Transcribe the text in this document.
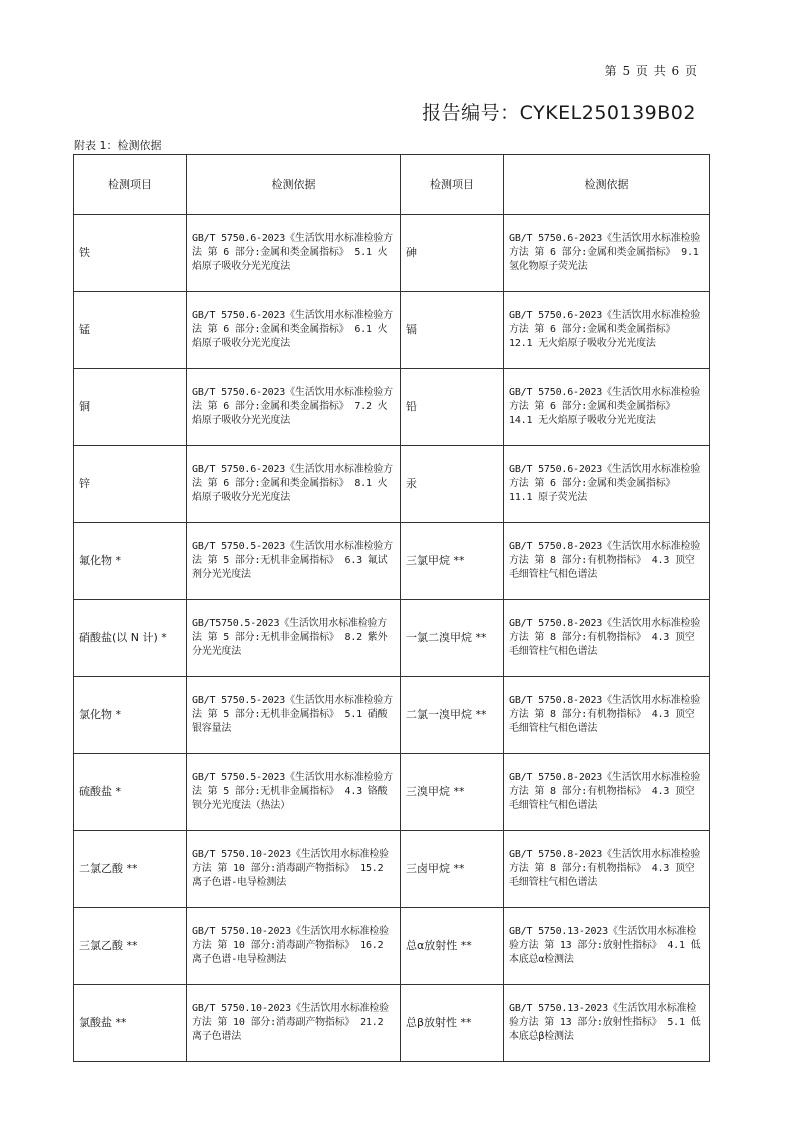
第 5 页 共 6 页
报告编号：CYKEL250139B02
附表 1：检测依据
检测项目	检测依据	检测项目	检测依据
铁	GB/T 5750.6-2023《生活饮用水标准检验方法 第 6 部分:金属和类金属指标》 5.1 火焰原子吸收分光光度法	砷	GB/T 5750.6-2023《生活饮用水标准检验方法 第 6 部分:金属和类金属指标》 9.1 氢化物原子荧光法
锰	GB/T 5750.6-2023《生活饮用水标准检验方法 第 6 部分:金属和类金属指标》 6.1 火焰原子吸收分光光度法	镉	GB/T 5750.6-2023《生活饮用水标准检验方法 第 6 部分:金属和类金属指标》 12.1 无火焰原子吸收分光光度法
铜	GB/T 5750.6-2023《生活饮用水标准检验方法 第 6 部分:金属和类金属指标》 7.2 火焰原子吸收分光光度法	铅	GB/T 5750.6-2023《生活饮用水标准检验方法 第 6 部分:金属和类金属指标》 14.1 无火焰原子吸收分光光度法
锌	GB/T 5750.6-2023《生活饮用水标准检验方法 第 6 部分:金属和类金属指标》 8.1 火焰原子吸收分光光度法	汞	GB/T 5750.6-2023《生活饮用水标准检验方法 第 6 部分:金属和类金属指标》 11.1 原子荧光法
氟化物 *	GB/T 5750.5-2023《生活饮用水标准检验方法 第 5 部分:无机非金属指标》 6.3 氟试剂分光光度法	三氯甲烷 **	GB/T 5750.8-2023《生活饮用水标准检验方法 第 8 部分:有机物指标》 4.3 顶空毛细管柱气相色谱法
硝酸盐(以 N 计) *	GB/T5750.5-2023《生活饮用水标准检验方法 第 5 部分:无机非金属指标》 8.2 紫外分光光度法	一氯二溴甲烷 **	GB/T 5750.8-2023《生活饮用水标准检验方法 第 8 部分:有机物指标》 4.3 顶空毛细管柱气相色谱法
氯化物 *	GB/T 5750.5-2023《生活饮用水标准检验方法 第 5 部分:无机非金属指标》 5.1 硝酸银容量法	二氯一溴甲烷 **	GB/T 5750.8-2023《生活饮用水标准检验方法 第 8 部分:有机物指标》 4.3 顶空毛细管柱气相色谱法
硫酸盐 *	GB/T 5750.5-2023《生活饮用水标准检验方法 第 5 部分:无机非金属指标》 4.3 铬酸钡分光光度法（热法）	三溴甲烷 **	GB/T 5750.8-2023《生活饮用水标准检验方法 第 8 部分:有机物指标》 4.3 顶空毛细管柱气相色谱法
二氯乙酸 **	GB/T 5750.10-2023《生活饮用水标准检验方法 第 10 部分:消毒副产物指标》 15.2 离子色谱-电导检测法	三卤甲烷 **	GB/T 5750.8-2023《生活饮用水标准检验方法 第 8 部分:有机物指标》 4.3 顶空毛细管柱气相色谱法
三氯乙酸 **	GB/T 5750.10-2023《生活饮用水标准检验方法 第 10 部分:消毒副产物指标》 16.2 离子色谱-电导检测法	总α放射性 **	GB/T 5750.13-2023《生活饮用水标准检验方法 第 13 部分:放射性指标》 4.1 低本底总α检测法
氯酸盐 **	GB/T 5750.10-2023《生活饮用水标准检验方法 第 10 部分:消毒副产物指标》 21.2 离子色谱法	总β放射性 **	GB/T 5750.13-2023《生活饮用水标准检验方法 第 13 部分:放射性指标》 5.1 低本底总β检测法
